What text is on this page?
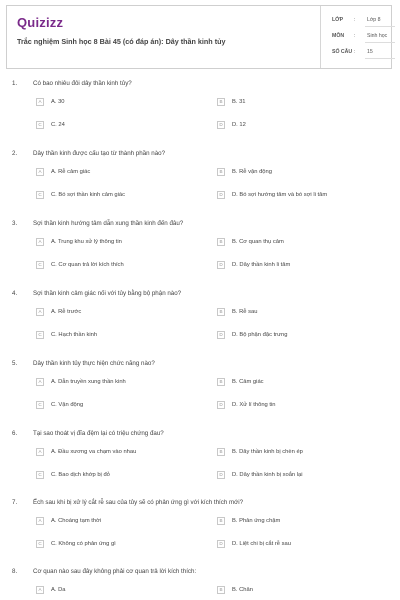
Quizizz
Trắc nghiệm Sinh học 8 Bài 45 (có đáp án): Dây thần kinh tủy
LỚP : Lớp 8
MÔN : Sinh học
SỐ CÂU : 15
1.	Có bao nhiêu đôi dây thần kinh tủy?
A	A. 30	B	B. 31
C	C. 24	D	D. 12
2.	Dây thần kinh được cấu tạo từ thành phần nào?
A	A. Rễ cảm giác	B	B. Rễ vận động
C	C. Bó sợi thần kinh cảm giác	D	D. Bó sợi hướng tâm và bó sợi li tâm
3.	Sợi thần kinh hướng tâm dẫn xung thần kinh đến đâu?
A	A. Trung khu xử lý thông tin	B	B. Cơ quan thụ cảm
C	C. Cơ quan trả lời kích thích	D	D. Dây thần kinh li tâm
4.	Sợi thần kinh cảm giác nối với tủy bằng bộ phận nào?
A	A. Rễ trước	B	B. Rễ sau
C	C. Hạch thần kinh	D	D. Bộ phận đặc trưng
5.	Dây thần kinh tủy thực hiện chức năng nào?
A	A. Dẫn truyền xung thần kinh	B	B. Cảm giác
C	C. Vận động	D	D. Xử lí thông tin
6.	Tại sao thoát vị đĩa đệm lại có triệu chứng đau?
A	A. Đầu xương va chạm vào nhau	B	B. Dây thần kinh bị chèn ép
C	C. Bao dịch khớp bị đỏ	D	D. Dây thần kinh bị xoắn lại
7.	Ếch sau khi bị xử lý cắt rễ sau của tủy sẽ có phản ứng gì với kích thích mới?
A	A. Choáng tạm thời	B	B. Phản ứng chậm
C	C. Không có phản ứng gì	D	D. Liệt chi bị cắt rễ sau
8.	Cơ quan nào sau đây không phải cơ quan trả lời kích thích:
A	A. Da	B	B. Chân
